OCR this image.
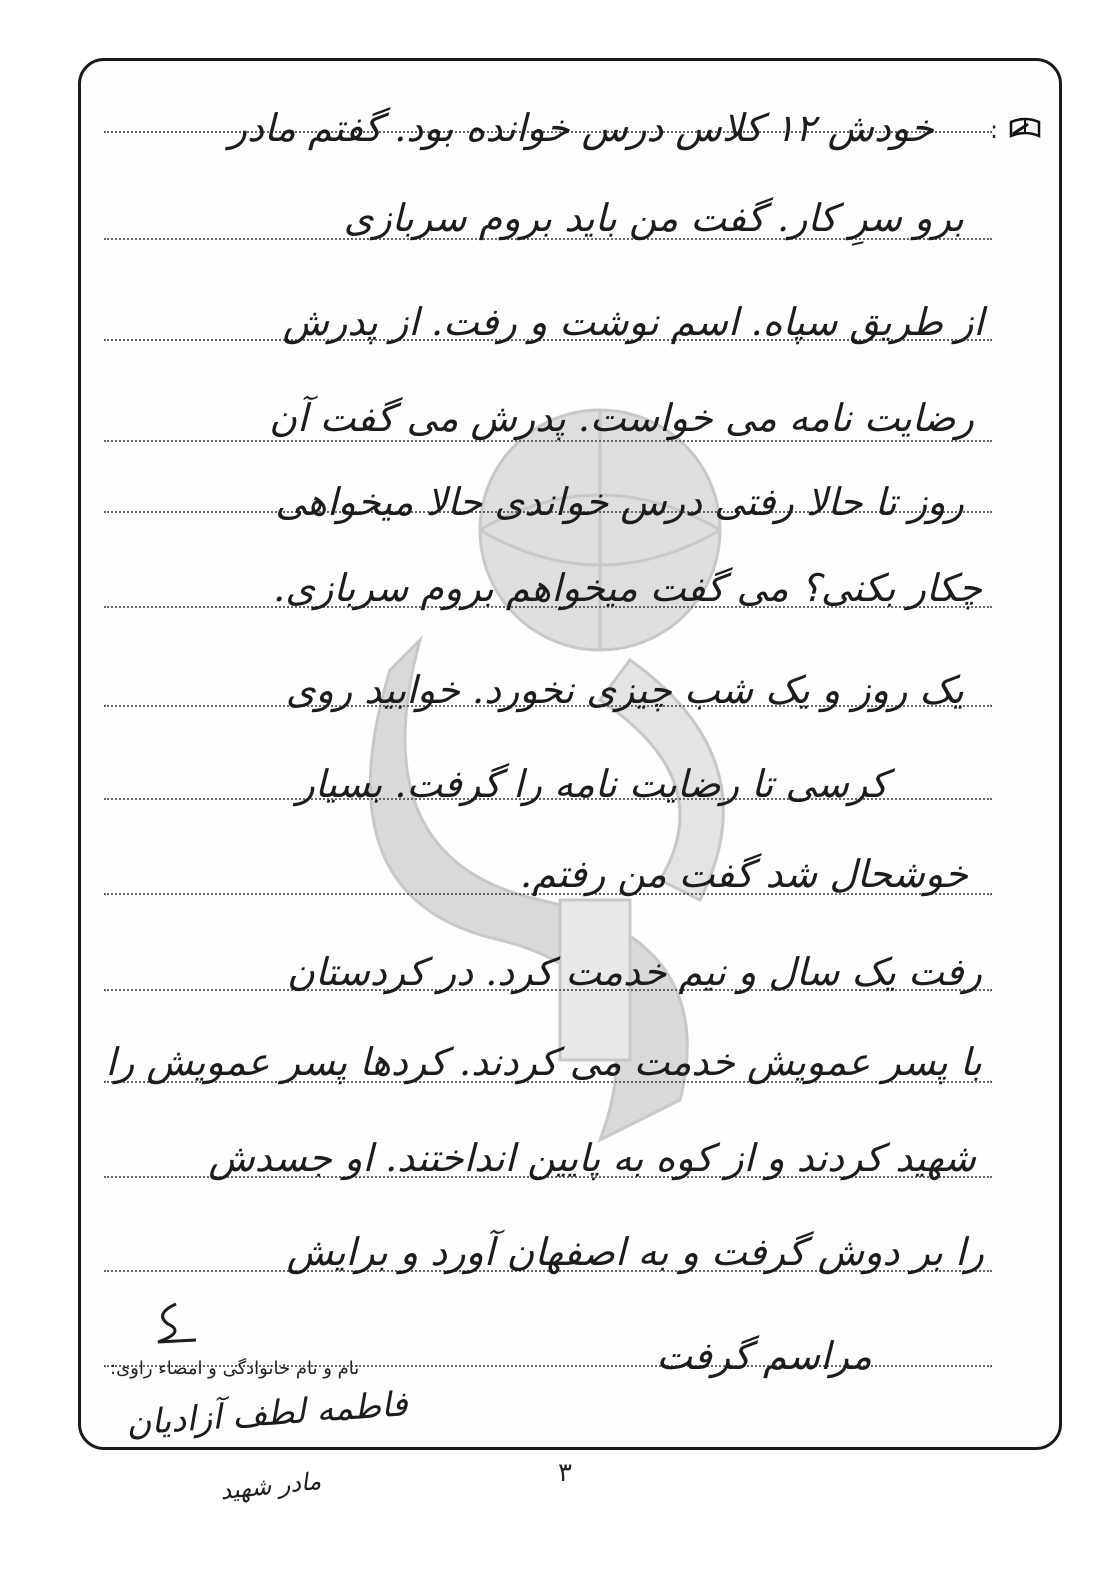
:
خودش ۱۲ کلاس درس خوانده بود. گفتم مادر
برو سرِ کار. گفت من باید بروم سربازی
از طریق سپاه. اسم نوشت و رفت. از پدرش
رضایت نامه می خواست. پدرش می گفت آن
روز تا حالا رفتی درس خواندی حالا میخواهی
چکار بکنی؟ می گفت میخواهم بروم سربازی.
یک روز و یک شب چیزی نخورد. خوابید روی
کرسی تا رضایت نامه را گرفت. بسیار
خوشحال شد گفت من رفتم.
رفت یک سال و نیم خدمت کرد. در کردستان
با پسر عمویش خدمت می کردند. کردها پسر عمویش را
شهید کردند و از کوه به پایین انداختند. او جسدش
را بر دوش گرفت و به اصفهان آورد و برایش
مراسم گرفت
نام و نام خانوادگی و امضاء راوی:
فاطمه لطف آزادیان
مادر شهید	۳
